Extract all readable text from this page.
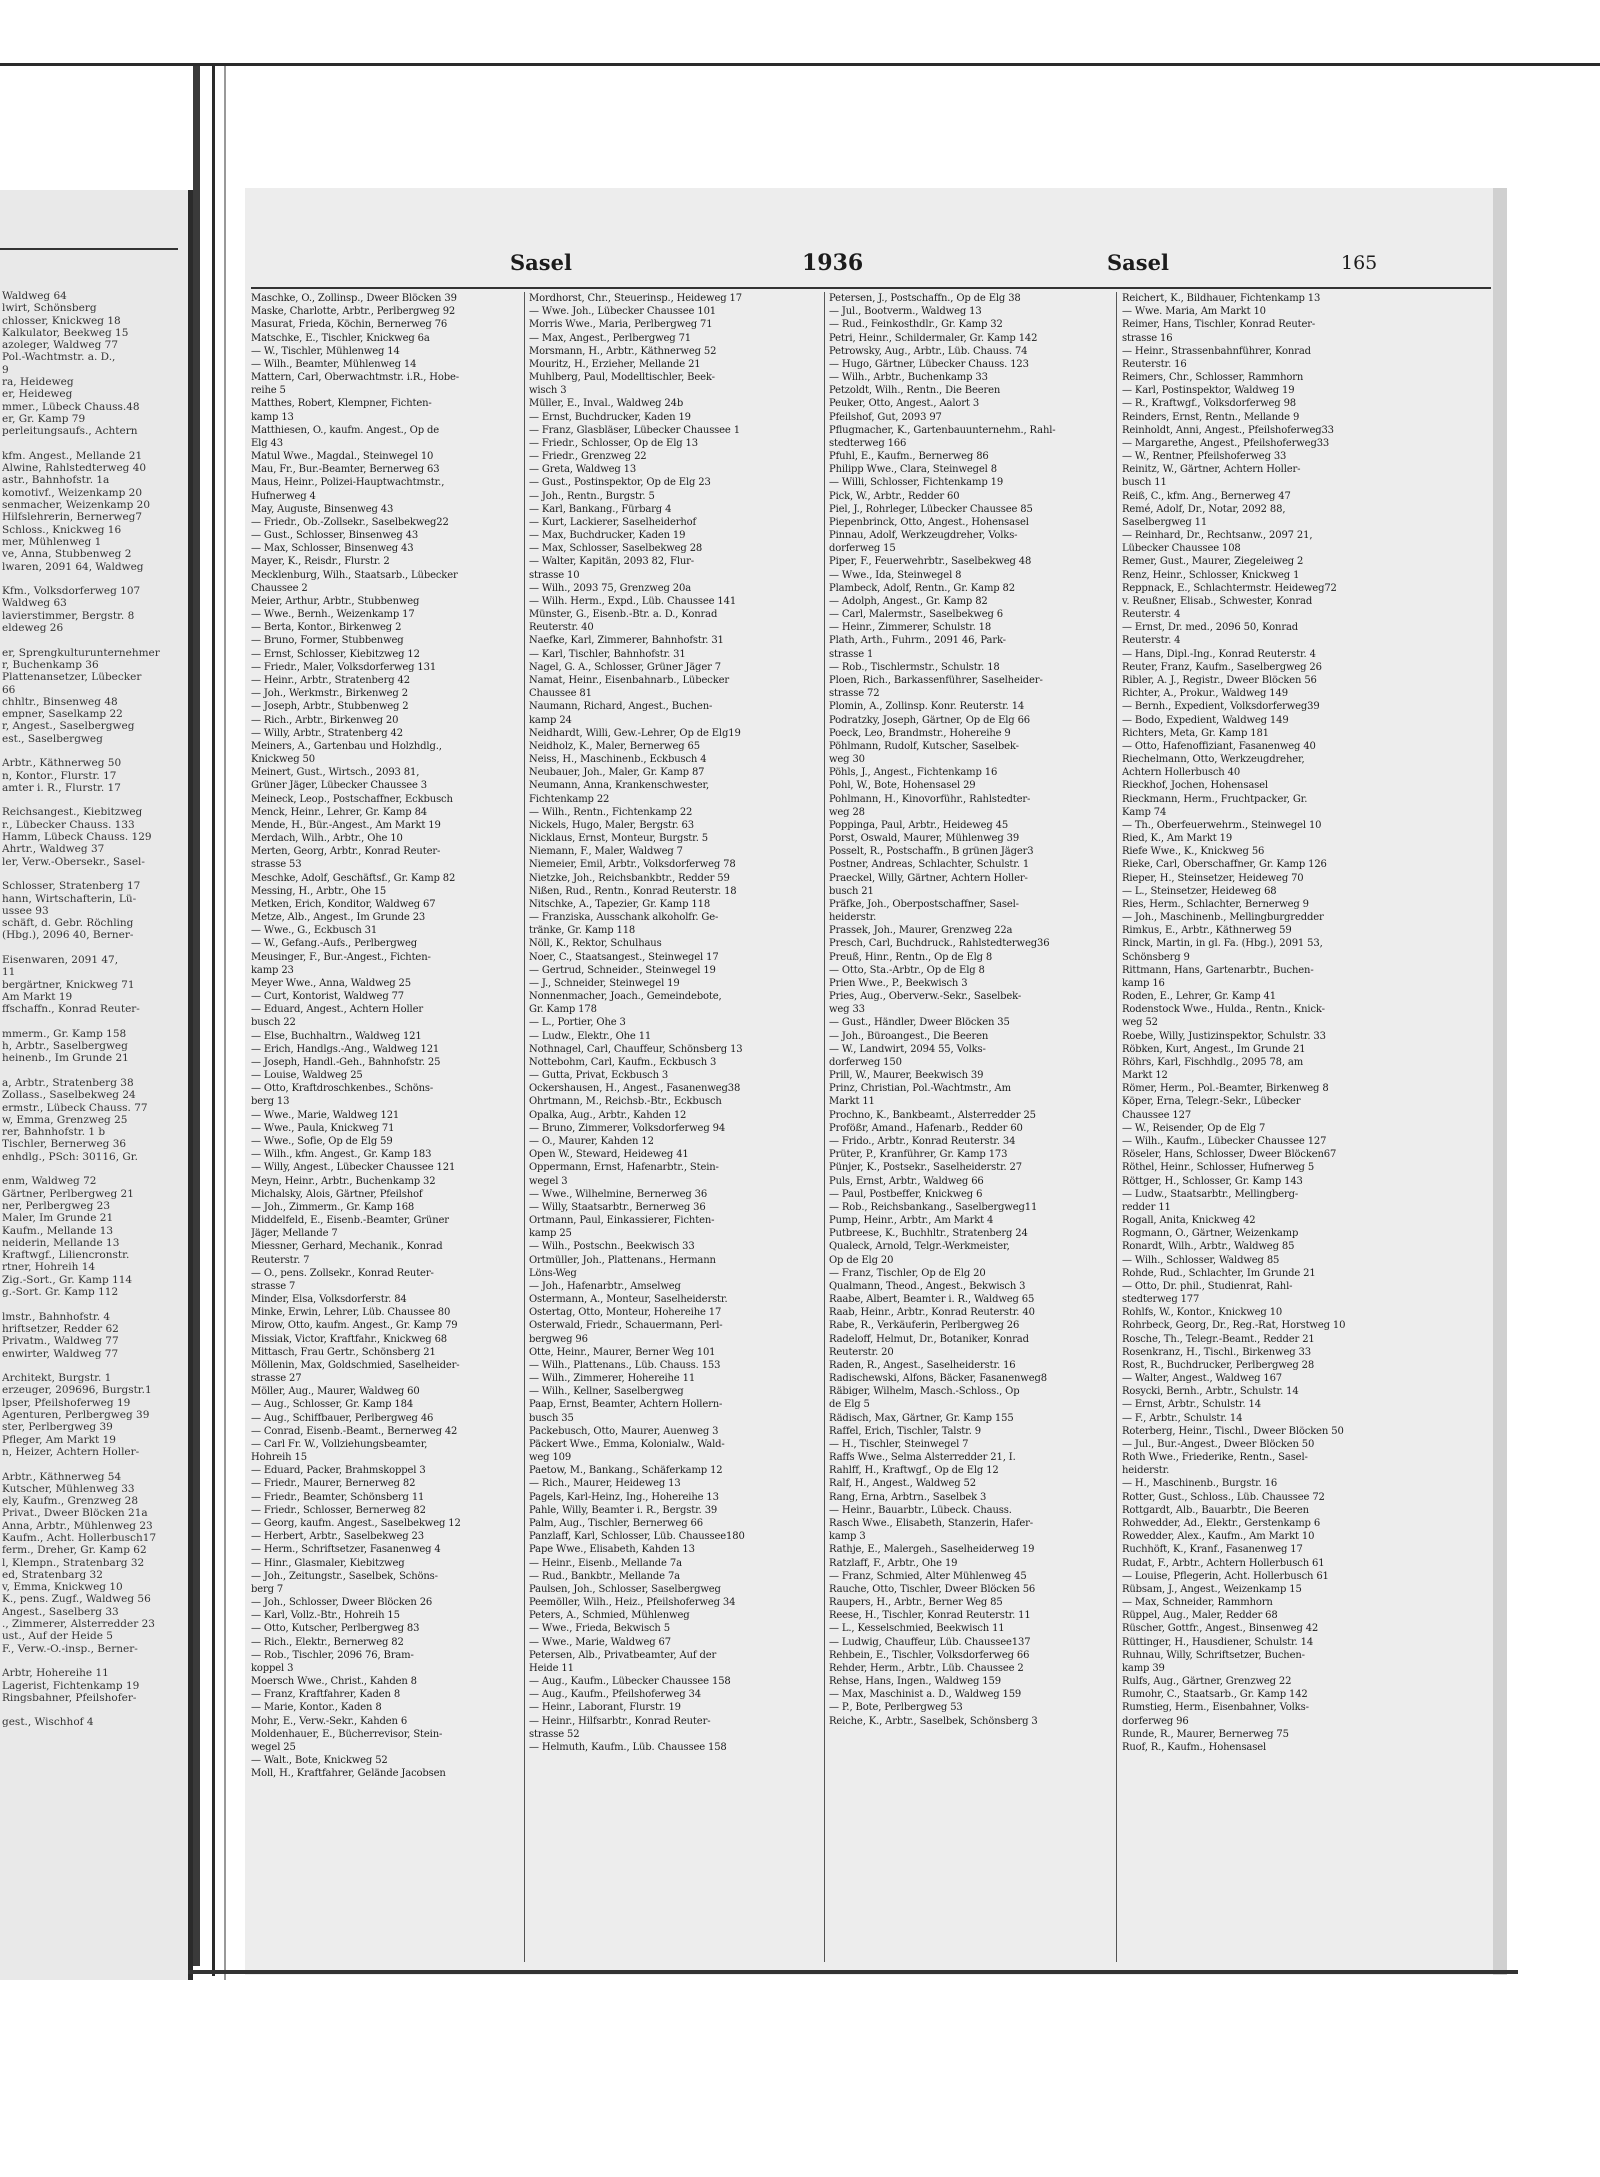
Waldweg 64
lwirt, Schönsberg
chlosser, Knickweg 18
Kalkulator, Beekweg 15
azoleger, Waldweg 77
Pol.-Wachtmstr. a. D.,
9
ra, Heideweg
er, Heideweg
mmer., Lübeck Chauss.48
er, Gr. Kamp 79
perleitungsaufs., Achtern
kfm. Angest., Mellande 21
Alwine, Rahlstedterweg 40
astr., Bahnhofstr. 1a
komotivf., Weizenkamp 20
senmacher, Weizenkamp 20
Hilfslehrerin, Bernerweg7
Schloss., Knickweg 16
mer, Mühlenweg 1
ve, Anna, Stubbenweg 2
lwaren, 2091 64, Waldweg
Kfm., Volksdorferweg 107
Waldweg 63
lavierstimmer, Bergstr. 8
eldeweg 26
er, Sprengkulturunternehmer
r, Buchenkamp 36
Plattenansetzer, Lübecker
66
chhltr., Binsenweg 48
empner, Saselkamp 22
r, Angest., Saselbergweg
est., Saselbergweg
Arbtr., Käthnerweg 50
n, Kontor., Flurstr. 17
amter i. R., Flurstr. 17
Reichsangest., Kiebitzweg
r., Lübecker Chauss. 133
Hamm, Lübeck Chauss. 129
Ahrtr., Waldweg 37
ler, Verw.-Obersekr., Sasel-
Schlosser, Stratenberg 17
hann, Wirtschafterin, Lü-
ussee 93
schäft, d. Gebr. Röchling
(Hbg.), 2096 40, Berner-
Eisenwaren, 2091 47,
11
bergärtner, Knickweg 71
Am Markt 19
ffschaffn., Konrad Reuter-
mmerm., Gr. Kamp 158
h, Arbtr., Saselbergweg
heinenb., Im Grunde 21
a, Arbtr., Stratenberg 38
Zollass., Saselbekweg 24
ermstr., Lübeck Chauss. 77
w, Emma, Grenzweg 25
rer, Bahnhofstr. 1 b
Tischler, Bernerweg 36
enhdlg., PSch: 30116, Gr.
enm, Waldweg 72
Gärtner, Perlbergweg 21
ner, Perlbergweg 23
Maler, Im Grunde 21
Kaufm., Mellande 13
neiderin, Mellande 13
Kraftwgf., Liliencronstr.
rtner, Hohreih 14
Zig.-Sort., Gr. Kamp 114
g.-Sort. Gr. Kamp 112
lmstr., Bahnhofstr. 4
hriftsetzer, Redder 62
Privatm., Waldweg 77
enwirter, Waldweg 77
Architekt, Burgstr. 1
erzeuger, 209696, Burgstr.1
lpser, Pfeilshoferweg 19
Agenturen, Perlbergweg 39
ster, Perlbergweg 39
Pfleger, Am Markt 19
n, Heizer, Achtern Holler-
Arbtr., Käthnerweg 54
Kutscher, Mühlenweg 33
ely, Kaufm., Grenzweg 28
Privat., Dweer Blöcken 21a
Anna, Arbtr., Mühlenweg 23
Kaufm., Acht. Hollerbusch17
ferm., Dreher, Gr. Kamp 62
l, Klempn., Stratenbarg 32
ed, Stratenbarg 32
v, Emma, Knickweg 10
K., pens. Zugf., Waldweg 56
Angest., Saselberg 33
., Zimmerer, Alsterredder 23
ust., Auf der Heide 5
F., Verw.-O.-insp., Berner-
Arbtr, Hohereihe 11
Lagerist, Fichtenkamp 19
Ringsbahner, Pfeilshofer-
gest., Wischhof 4
Sasel	1936	Sasel	165
Maschke, O., Zollinsp., Dweer Blöcken 39
Maske, Charlotte, Arbtr., Perlbergweg 92
Masurat, Frieda, Köchin, Bernerweg 76
Matschke, E., Tischler, Knickweg 6a
— W., Tischler, Mühlenweg 14
— Wilh., Beamter, Mühlenweg 14
Mattern, Carl, Oberwachtmstr. i.R., Hobe-
reihe 5
Matthes, Robert, Klempner, Fichten-
kamp 13
Matthiesen, O., kaufm. Angest., Op de
Elg 43
Matul Wwe., Magdal., Steinwegel 10
Mau, Fr., Bur.-Beamter, Bernerweg 63
Maus, Heinr., Polizei-Hauptwachtmstr.,
Hufnerweg 4
May, Auguste, Binsenweg 43
— Friedr., Ob.-Zollsekr., Saselbekweg22
— Gust., Schlosser, Binsenweg 43
— Max, Schlosser, Binsenweg 43
Mayer, K., Reisdr., Flurstr. 2
Mecklenburg, Wilh., Staatsarb., Lübecker
Chaussee 2
Meier, Arthur, Arbtr., Stubbenweg
— Wwe., Bernh., Weizenkamp 17
— Berta, Kontor., Birkenweg 2
— Bruno, Former, Stubbenweg
— Ernst, Schlosser, Kiebitzweg 12
— Friedr., Maler, Volksdorferweg 131
— Heinr., Arbtr., Stratenberg 42
— Joh., Werkmstr., Birkenweg 2
— Joseph, Arbtr., Stubbenweg 2
— Rich., Arbtr., Birkenweg 20
— Willy, Arbtr., Stratenberg 42
Meiners, A., Gartenbau und Holzhdlg.,
Knickweg 50
Meinert, Gust., Wirtsch., 2093 81,
Grüner Jäger, Lübecker Chaussee 3
Meineck, Leop., Postschaffner, Eckbusch
Menck, Heinr., Lehrer, Gr. Kamp 84
Mende, H., Bür.-Angest., Am Markt 19
Merdach, Wilh., Arbtr., Ohe 10
Merten, Georg, Arbtr., Konrad Reuter-
strasse 53
Meschke, Adolf, Geschäftsf., Gr. Kamp 82
Messing, H., Arbtr., Ohe 15
Metken, Erich, Konditor, Waldweg 67
Metze, Alb., Angest., Im Grunde 23
— Wwe., G., Eckbusch 31
— W., Gefang.-Aufs., Perlbergweg
Meusinger, F., Bur.-Angest., Fichten-
kamp 23
Meyer Wwe., Anna, Waldweg 25
— Curt, Kontorist, Waldweg 77
— Eduard, Angest., Achtern Holler
busch 22
— Else, Buchhaltrn., Waldweg 121
— Erich, Handlgs.-Ang., Waldweg 121
— Joseph, Handl.-Geh., Bahnhofstr. 25
— Louise, Waldweg 25
— Otto, Kraftdroschkenbes., Schöns-
berg 13
— Wwe., Marie, Waldweg 121
— Wwe., Paula, Knickweg 71
— Wwe., Sofie, Op de Elg 59
— Wilh., kfm. Angest., Gr. Kamp 183
— Willy, Angest., Lübecker Chaussee 121
Meyn, Heinr., Arbtr., Buchenkamp 32
Michalsky, Alois, Gärtner, Pfeilshof
— Joh., Zimmerm., Gr. Kamp 168
Middelfeld, E., Eisenb.-Beamter, Grüner
Jäger, Mellande 7
Miessner, Gerhard, Mechanik., Konrad
Reuterstr. 7
— O., pens. Zollsekr., Konrad Reuter-
strasse 7
Minder, Elsa, Volksdorferstr. 84
Minke, Erwin, Lehrer, Lüb. Chaussee 80
Mirow, Otto, kaufm. Angest., Gr. Kamp 79
Missiak, Victor, Kraftfahr., Knickweg 68
Mittasch, Frau Gertr., Schönsberg 21
Möllenin, Max, Goldschmied, Saselheider-
strasse 27
Möller, Aug., Maurer, Waldweg 60
— Aug., Schlosser, Gr. Kamp 184
— Aug., Schiffbauer, Perlbergweg 46
— Conrad, Eisenb.-Beamt., Bernerweg 42
— Carl Fr. W., Vollziehungsbeamter,
Hohreih 15
— Eduard, Packer, Brahmskoppel 3
— Friedr., Maurer, Bernerweg 82
— Friedr., Beamter, Schönsberg 11
— Friedr., Schlosser, Bernerweg 82
— Georg, kaufm. Angest., Saselbekweg 12
— Herbert, Arbtr., Saselbekweg 23
— Herm., Schriftsetzer, Fasanenweg 4
— Hinr., Glasmaler, Kiebitzweg
— Joh., Zeitungstr., Saselbek, Schöns-
berg 7
— Joh., Schlosser, Dweer Blöcken 26
— Karl, Vollz.-Btr., Hohreih 15
— Otto, Kutscher, Perlbergweg 83
— Rich., Elektr., Bernerweg 82
— Rob., Tischler, 2096 76, Bram-
koppel 3
Moersch Wwe., Christ., Kahden 8
— Franz, Kraftfahrer, Kaden 8
— Marie, Kontor., Kaden 8
Mohr, E., Verw.-Sekr., Kahden 6
Moldenhauer, E., Bücherrevisor, Stein-
wegel 25
— Walt., Bote, Knickweg 52
Moll, H., Kraftfahrer, Gelände Jacobsen
Mordhorst, Chr., Steuerinsp., Heideweg 17
— Wwe. Joh., Lübecker Chaussee 101
Morris Wwe., Maria, Perlbergweg 71
— Max, Angest., Perlbergweg 71
Morsmann, H., Arbtr., Käthnerweg 52
Mouritz, H., Erzieher, Mellande 21
Muhlberg, Paul, Modelltischler, Beek-
wisch 3
Müller, E., Inval., Waldweg 24b
— Ernst, Buchdrucker, Kaden 19
— Franz, Glasbläser, Lübecker Chaussee 1
— Friedr., Schlosser, Op de Elg 13
— Friedr., Grenzweg 22
— Greta, Waldweg 13
— Gust., Postinspektor, Op de Elg 23
— Joh., Rentn., Burgstr. 5
— Karl, Bankang., Fürbarg 4
— Kurt, Lackierer, Saselheiderhof
— Max, Buchdrucker, Kaden 19
— Max, Schlosser, Saselbekweg 28
— Walter, Kapitän, 2093 82, Flur-
strasse 10
— Wilh., 2093 75, Grenzweg 20a
— Wilh. Herm., Expd., Lüb. Chaussee 141
Münster, G., Eisenb.-Btr. a. D., Konrad
Reuterstr. 40
Naefke, Karl, Zimmerer, Bahnhofstr. 31
— Karl, Tischler, Bahnhofstr. 31
Nagel, G. A., Schlosser, Grüner Jäger 7
Namat, Heinr., Eisenbahnarb., Lübecker
Chaussee 81
Naumann, Richard, Angest., Buchen-
kamp 24
Neidhardt, Willi, Gew.-Lehrer, Op de Elg19
Neidholz, K., Maler, Bernerweg 65
Neiss, H., Maschinenb., Eckbusch 4
Neubauer, Joh., Maler, Gr. Kamp 87
Neumann, Anna, Krankenschwester,
Fichtenkamp 22
— Wilh., Rentn., Fichtenkamp 22
Nickels, Hugo, Maler, Bergstr. 63
Nicklaus, Ernst, Monteur, Burgstr. 5
Niemann, F., Maler, Waldweg 7
Niemeier, Emil, Arbtr., Volksdorferweg 78
Nietzke, Joh., Reichsbankbtr., Redder 59
Nißen, Rud., Rentn., Konrad Reuterstr. 18
Nitschke, A., Tapezier, Gr. Kamp 118
— Franziska, Ausschank alkoholfr. Ge-
tränke, Gr. Kamp 118
Nöll, K., Rektor, Schulhaus
Noer, C., Staatsangest., Steinwegel 17
— Gertrud, Schneider., Steinwegel 19
— J., Schneider, Steinwegel 19
Nonnenmacher, Joach., Gemeindebote,
Gr. Kamp 178
— L., Portier, Ohe 3
— Ludw., Elektr., Ohe 11
Nothnagel, Carl, Chauffeur, Schönsberg 13
Nottebohm, Carl, Kaufm., Eckbusch 3
— Gutta, Privat, Eckbusch 3
Ockershausen, H., Angest., Fasanenweg38
Ohrtmann, M., Reichsb.-Btr., Eckbusch
Opalka, Aug., Arbtr., Kahden 12
— Bruno, Zimmerer, Volksdorferweg 94
— O., Maurer, Kahden 12
Open W., Steward, Heideweg 41
Oppermann, Ernst, Hafenarbtr., Stein-
wegel 3
— Wwe., Wilhelmine, Bernerweg 36
— Willy, Staatsarbtr., Bernerweg 36
Ortmann, Paul, Einkassierer, Fichten-
kamp 25
— Wilh., Postschn., Beekwisch 33
Ortmüller, Joh., Plattenans., Hermann
Löns-Weg
— Joh., Hafenarbtr., Amselweg
Ostermann, A., Monteur, Saselheiderstr.
Ostertag, Otto, Monteur, Hohereihe 17
Osterwald, Friedr., Schauermann, Perl-
bergweg 96
Otte, Heinr., Maurer, Berner Weg 101
— Wilh., Plattenans., Lüb. Chauss. 153
— Wilh., Zimmerer, Hohereihe 11
— Wilh., Kellner, Saselbergweg
Paap, Ernst, Beamter, Achtern Hollern-
busch 35
Packebusch, Otto, Maurer, Auenweg 3
Päckert Wwe., Emma, Kolonialw., Wald-
weg 109
Paetow, M., Bankang., Schäferkamp 12
— Rich., Maurer, Heideweg 13
Pagels, Karl-Heinz, Ing., Hohereihe 13
Pahle, Willy, Beamter i. R., Bergstr. 39
Palm, Aug., Tischler, Bernerweg 66
Panzlaff, Karl, Schlosser, Lüb. Chaussee180
Pape Wwe., Elisabeth, Kahden 13
— Heinr., Eisenb., Mellande 7a
— Rud., Bankbtr., Mellande 7a
Paulsen, Joh., Schlosser, Saselbergweg
Peemöller, Wilh., Heiz., Pfeilshoferweg 34
Peters, A., Schmied, Mühlenweg
— Wwe., Frieda, Bekwisch 5
— Wwe., Marie, Waldweg 67
Petersen, Alb., Privatbeamter, Auf der
Heide 11
— Aug., Kaufm., Lübecker Chaussee 158
— Aug., Kaufm., Pfeilshoferweg 34
— Heinr., Laborant, Flurstr. 19
— Heinr., Hilfsarbtr., Konrad Reuter-
strasse 52
— Helmuth, Kaufm., Lüb. Chaussee 158
Petersen, J., Postschaffn., Op de Elg 38
— Jul., Bootverm., Waldweg 13
— Rud., Feinkosthdlr., Gr. Kamp 32
Petri, Heinr., Schildermaler, Gr. Kamp 142
Petrowsky, Aug., Arbtr., Lüb. Chauss. 74
— Hugo, Gärtner, Lübecker Chauss. 123
— Wilh., Arbtr., Buchenkamp 33
Petzoldt, Wilh., Rentn., Die Beeren
Peuker, Otto, Angest., Aalort 3
Pfeilshof, Gut, 2093 97
Pflugmacher, K., Gartenbauunternehm., Rahl-
stedterweg 166
Pfuhl, E., Kaufm., Bernerweg 86
Philipp Wwe., Clara, Steinwegel 8
— Willi, Schlosser, Fichtenkamp 19
Pick, W., Arbtr., Redder 60
Piel, J., Rohrleger, Lübecker Chaussee 85
Piepenbrinck, Otto, Angest., Hohensasel
Pinnau, Adolf, Werkzeugdreher, Volks-
dorferweg 15
Piper, F., Feuerwehrbtr., Saselbekweg 48
— Wwe., Ida, Steinwegel 8
Plambeck, Adolf, Rentn., Gr. Kamp 82
— Adolph, Angest., Gr. Kamp 82
— Carl, Malermstr., Saselbekweg 6
— Heinr., Zimmerer, Schulstr. 18
Plath, Arth., Fuhrm., 2091 46, Park-
strasse 1
— Rob., Tischlermstr., Schulstr. 18
Ploen, Rich., Barkassenführer, Saselheider-
strasse 72
Plomin, A., Zollinsp. Konr. Reuterstr. 14
Podratzky, Joseph, Gärtner, Op de Elg 66
Poeck, Leo, Brandmstr., Hohereihe 9
Pöhlmann, Rudolf, Kutscher, Saselbek-
weg 30
Pöhls, J., Angest., Fichtenkamp 16
Pohl, W., Bote, Hohensasel 29
Pohlmann, H., Kinovorführ., Rahlstedter-
weg 28
Poppinga, Paul, Arbtr., Heideweg 45
Porst, Oswald, Maurer, Mühlenweg 39
Posselt, R., Postschaffn., B grünen Jäger3
Postner, Andreas, Schlachter, Schulstr. 1
Praeckel, Willy, Gärtner, Achtern Holler-
busch 21
Präfke, Joh., Oberpostschaffner, Sasel-
heiderstr.
Prassek, Joh., Maurer, Grenzweg 22a
Presch, Carl, Buchdruck., Rahlstedterweg36
Preuß, Hinr., Rentn., Op de Elg 8
— Otto, Sta.-Arbtr., Op de Elg 8
Prien Wwe., P., Beekwisch 3
Pries, Aug., Oberverw.-Sekr., Saselbek-
weg 33
— Gust., Händler, Dweer Blöcken 35
— Joh., Büroangest., Die Beeren
— W., Landwirt, 2094 55, Volks-
dorferweg 150
Prill, W., Maurer, Beekwisch 39
Prinz, Christian, Pol.-Wachtmstr., Am
Markt 11
Prochno, K., Bankbeamt., Alsterredder 25
Profößr, Amand., Hafenarb., Redder 60
— Frido., Arbtr., Konrad Reuterstr. 34
Prüter, P., Kranführer, Gr. Kamp 173
Pünjer, K., Postsekr., Saselheiderstr. 27
Puls, Ernst, Arbtr., Waldweg 66
— Paul, Postbeffer, Knickweg 6
— Rob., Reichsbankang., Saselbergweg11
Pump, Heinr., Arbtr., Am Markt 4
Putbreese, K., Buchhltr., Stratenberg 24
Qualeck, Arnold, Telgr.-Werkmeister,
Op de Elg 20
— Franz, Tischler, Op de Elg 20
Qualmann, Theod., Angest., Bekwisch 3
Raabe, Albert, Beamter i. R., Waldweg 65
Raab, Heinr., Arbtr., Konrad Reuterstr. 40
Rabe, R., Verkäuferin, Perlbergweg 26
Radeloff, Helmut, Dr., Botaniker, Konrad
Reuterstr. 20
Raden, R., Angest., Saselheiderstr. 16
Radischewski, Alfons, Bäcker, Fasanenweg8
Räbiger, Wilhelm, Masch.-Schloss., Op
de Elg 5
Rädisch, Max, Gärtner, Gr. Kamp 155
Raffel, Erich, Tischler, Talstr. 9
— H., Tischler, Steinwegel 7
Raffs Wwe., Selma Alsterredder 21, I.
Rahlff, H., Kraftwgf., Op de Elg 12
Ralf, H., Angest., Waldweg 52
Rang, Erna, Arbtrn., Saselbek 3
— Heinr., Bauarbtr., Lübeck. Chauss.
Rasch Wwe., Elisabeth, Stanzerin, Hafer-
kamp 3
Rathje, E., Malergeh., Saselheiderweg 19
Ratzlaff, F., Arbtr., Ohe 19
— Franz, Schmied, Alter Mühlenweg 45
Rauche, Otto, Tischler, Dweer Blöcken 56
Raupers, H., Arbtr., Berner Weg 85
Reese, H., Tischler, Konrad Reuterstr. 11
— L., Kesselschmied, Beekwisch 11
— Ludwig, Chauffeur, Lüb. Chaussee137
Rehbein, E., Tischler, Volksdorferweg 66
Rehder, Herm., Arbtr., Lüb. Chaussee 2
Rehse, Hans, Ingen., Waldweg 159
— Max, Maschinist a. D., Waldweg 159
— P., Bote, Perlbergweg 53
Reiche, K., Arbtr., Saselbek, Schönsberg 3
Reichert, K., Bildhauer, Fichtenkamp 13
— Wwe. Maria, Am Markt 10
Reimer, Hans, Tischler, Konrad Reuter-
strasse 16
— Heinr., Strassenbahnführer, Konrad
Reuterstr. 16
Reimers, Chr., Schlosser, Rammhorn
— Karl, Postinspektor, Waldweg 19
— R., Kraftwgf., Volksdorferweg 98
Reinders, Ernst, Rentn., Mellande 9
Reinholdt, Anni, Angest., Pfeilshoferweg33
— Margarethe, Angest., Pfeilshoferweg33
— W., Rentner, Pfeilshoferweg 33
Reinitz, W., Gärtner, Achtern Holler-
busch 11
Reiß, C., kfm. Ang., Bernerweg 47
Remé, Adolf, Dr., Notar, 2092 88,
Saselbergweg 11
— Reinhard, Dr., Rechtsanw., 2097 21,
Lübecker Chaussee 108
Remer, Gust., Maurer, Ziegeleiweg 2
Renz, Heinr., Schlosser, Knickweg 1
Reppnack, E., Schlachtermstr. Heideweg72
v. Reußner, Elisab., Schwester, Konrad
Reuterstr. 4
— Ernst, Dr. med., 2096 50, Konrad
Reuterstr. 4
— Hans, Dipl.-Ing., Konrad Reuterstr. 4
Reuter, Franz, Kaufm., Saselbergweg 26
Ribler, A. J., Registr., Dweer Blöcken 56
Richter, A., Prokur., Waldweg 149
— Bernh., Expedient, Volksdorferweg39
— Bodo, Expedient, Waldweg 149
Richters, Meta, Gr. Kamp 181
— Otto, Hafenoffiziant, Fasanenweg 40
Riechelmann, Otto, Werkzeugdreher,
Achtern Hollerbusch 40
Rieckhof, Jochen, Hohensasel
Rieckmann, Herm., Fruchtpacker, Gr.
Kamp 74
— Th., Oberfeuerwehrm., Steinwegel 10
Ried, K., Am Markt 19
Riefe Wwe., K., Knickweg 56
Rieke, Carl, Oberschaffner, Gr. Kamp 126
Rieper, H., Steinsetzer, Heideweg 70
— L., Steinsetzer, Heideweg 68
Ries, Herm., Schlachter, Bernerweg 9
— Joh., Maschinenb., Mellingburgredder
Rimkus, E., Arbtr., Käthnerweg 59
Rinck, Martin, in gl. Fa. (Hbg.), 2091 53,
Schönsberg 9
Rittmann, Hans, Gartenarbtr., Buchen-
kamp 16
Roden, E., Lehrer, Gr. Kamp 41
Rodenstock Wwe., Hulda., Rentn., Knick-
weg 52
Roebe, Willy, Justizinspektor, Schulstr. 33
Röbken, Kurt, Angest., Im Grunde 21
Röhrs, Karl, Fischhdlg., 2095 78, am
Markt 12
Römer, Herm., Pol.-Beamter, Birkenweg 8
Köper, Erna, Telegr.-Sekr., Lübecker
Chaussee 127
— W., Reisender, Op de Elg 7
— Wilh., Kaufm., Lübecker Chaussee 127
Röseler, Hans, Schlosser, Dweer Blöcken67
Röthel, Heinr., Schlosser, Hufnerweg 5
Röttger, H., Schlosser, Gr. Kamp 143
— Ludw., Staatsarbtr., Mellingberg-
redder 11
Rogall, Anita, Knickweg 42
Rogmann, O., Gärtner, Weizenkamp
Ronardt, Wilh., Arbtr., Waldweg 85
— Wilh., Schlosser, Waldweg 85
Rohde, Rud., Schlachter, Im Grunde 21
— Otto, Dr. phil., Studienrat, Rahl-
stedterweg 177
Rohlfs, W., Kontor., Knickweg 10
Rohrbeck, Georg, Dr., Reg.-Rat, Horstweg 10
Rosche, Th., Telegr.-Beamt., Redder 21
Rosenkranz, H., Tischl., Birkenweg 33
Rost, R., Buchdrucker, Perlbergweg 28
— Walter, Angest., Waldweg 167
Rosycki, Bernh., Arbtr., Schulstr. 14
— Ernst, Arbtr., Schulstr. 14
— F., Arbtr., Schulstr. 14
Roterberg, Heinr., Tischl., Dweer Blöcken 50
— Jul., Bur.-Angest., Dweer Blöcken 50
Roth Wwe., Friederike, Rentn., Sasel-
heiderstr.
— H., Maschinenb., Burgstr. 16
Rotter, Gust., Schloss., Lüb. Chaussee 72
Rottgardt, Alb., Bauarbtr., Die Beeren
Rohwedder, Ad., Elektr., Gerstenkamp 6
Rowedder, Alex., Kaufm., Am Markt 10
Ruchhöft, K., Kranf., Fasanenweg 17
Rudat, F., Arbtr., Achtern Hollerbusch 61
— Louise, Pflegerin, Acht. Hollerbusch 61
Rübsam, J., Angest., Weizenkamp 15
— Max, Schneider, Rammhorn
Rüppel, Aug., Maler, Redder 68
Rüscher, Gottfr., Angest., Binsenweg 42
Rüttinger, H., Hausdiener, Schulstr. 14
Ruhnau, Willy, Schriftsetzer, Buchen-
kamp 39
Rulfs, Aug., Gärtner, Grenzweg 22
Rumohr, C., Staatsarb., Gr. Kamp 142
Rumstieg, Herm., Eisenbahner, Volks-
dorferweg 96
Runde, R., Maurer, Bernerweg 75
Ruof, R., Kaufm., Hohensasel
